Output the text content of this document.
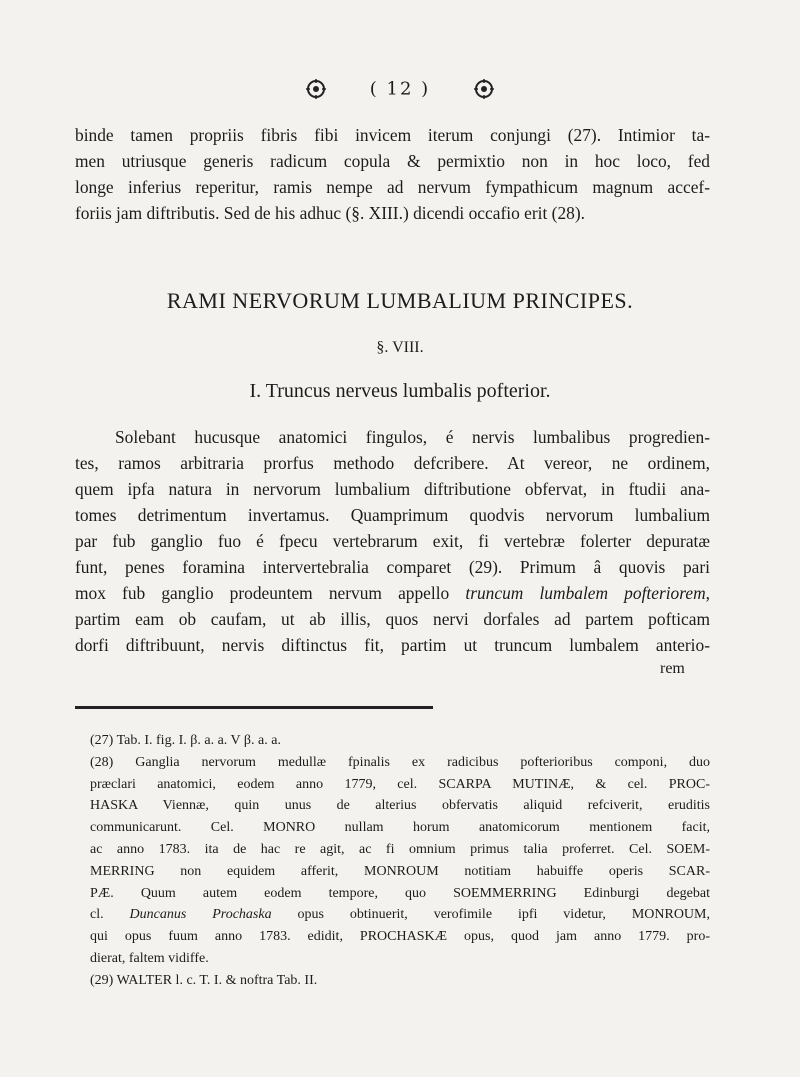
( 12 )
binde tamen propriis fibris fibi invicem iterum conjungi (27). Intimior ta-
men utriusque generis radicum copula & permixtio non in hoc loco, fed
longe inferius reperitur, ramis nempe ad nervum fympathicum magnum accef-
foriis jam diftributis. Sed de his adhuc (§. XIII.) dicendi occafio erit (28).
RAMI NERVORUM LUMBALIUM PRINCIPES.
§. VIII.
I. Truncus nerveus lumbalis pofterior.
Solebant hucusque anatomici fingulos, é nervis lumbalibus progredien-
tes, ramos arbitraria prorfus methodo defcribere. At vereor, ne ordinem,
quem ipfa natura in nervorum lumbalium diftributione obfervat, in ftudii ana-
tomes detrimentum invertamus. Quamprimum quodvis nervorum lumbalium
par fub ganglio fuo é fpecu vertebrarum exit, fi vertebræ folerter depuratæ
funt, penes foramina intervertebralia comparet (29). Primum â quovis pari
mox fub ganglio prodeuntem nervum appello truncum lumbalem pofteriorem,
partim eam ob caufam, ut ab illis, quos nervi dorfales ad partem pofticam
dorfi diftribuunt, nervis diftinctus fit, partim ut truncum lumbalem anterio-
rem
(27) Tab. I. fig. I. β. a. a. V β. a. a.
(28) Ganglia nervorum medullæ fpinalis ex radicibus pofterioribus componi, duo
præclari anatomici, eodem anno 1779, cel. SCARPA MUTINÆ, & cel. PROC-
HASKA Viennæ, quin unus de alterius obfervatis aliquid refciverit, eruditis
communicarunt. Cel. MONRO nullam horum anatomicorum mentionem facit,
ac anno 1783. ita de hac re agit, ac fi omnium primus talia proferret. Cel. SOEM-
MERRING non equidem afferit, MONROUM notitiam habuiffe operis SCAR-
PÆ. Quum autem eodem tempore, quo SOEMMERRING Edinburgi degebat
cl. Duncanus Prochaska opus obtinuerit, verofimile ipfi videtur, MONROUM,
qui opus fuum anno 1783. edidit, PROCHASKÆ opus, quod jam anno 1779. pro-
dierat, faltem vidiffe.
(29) WALTER l. c. T. I. & noftra Tab. II.
